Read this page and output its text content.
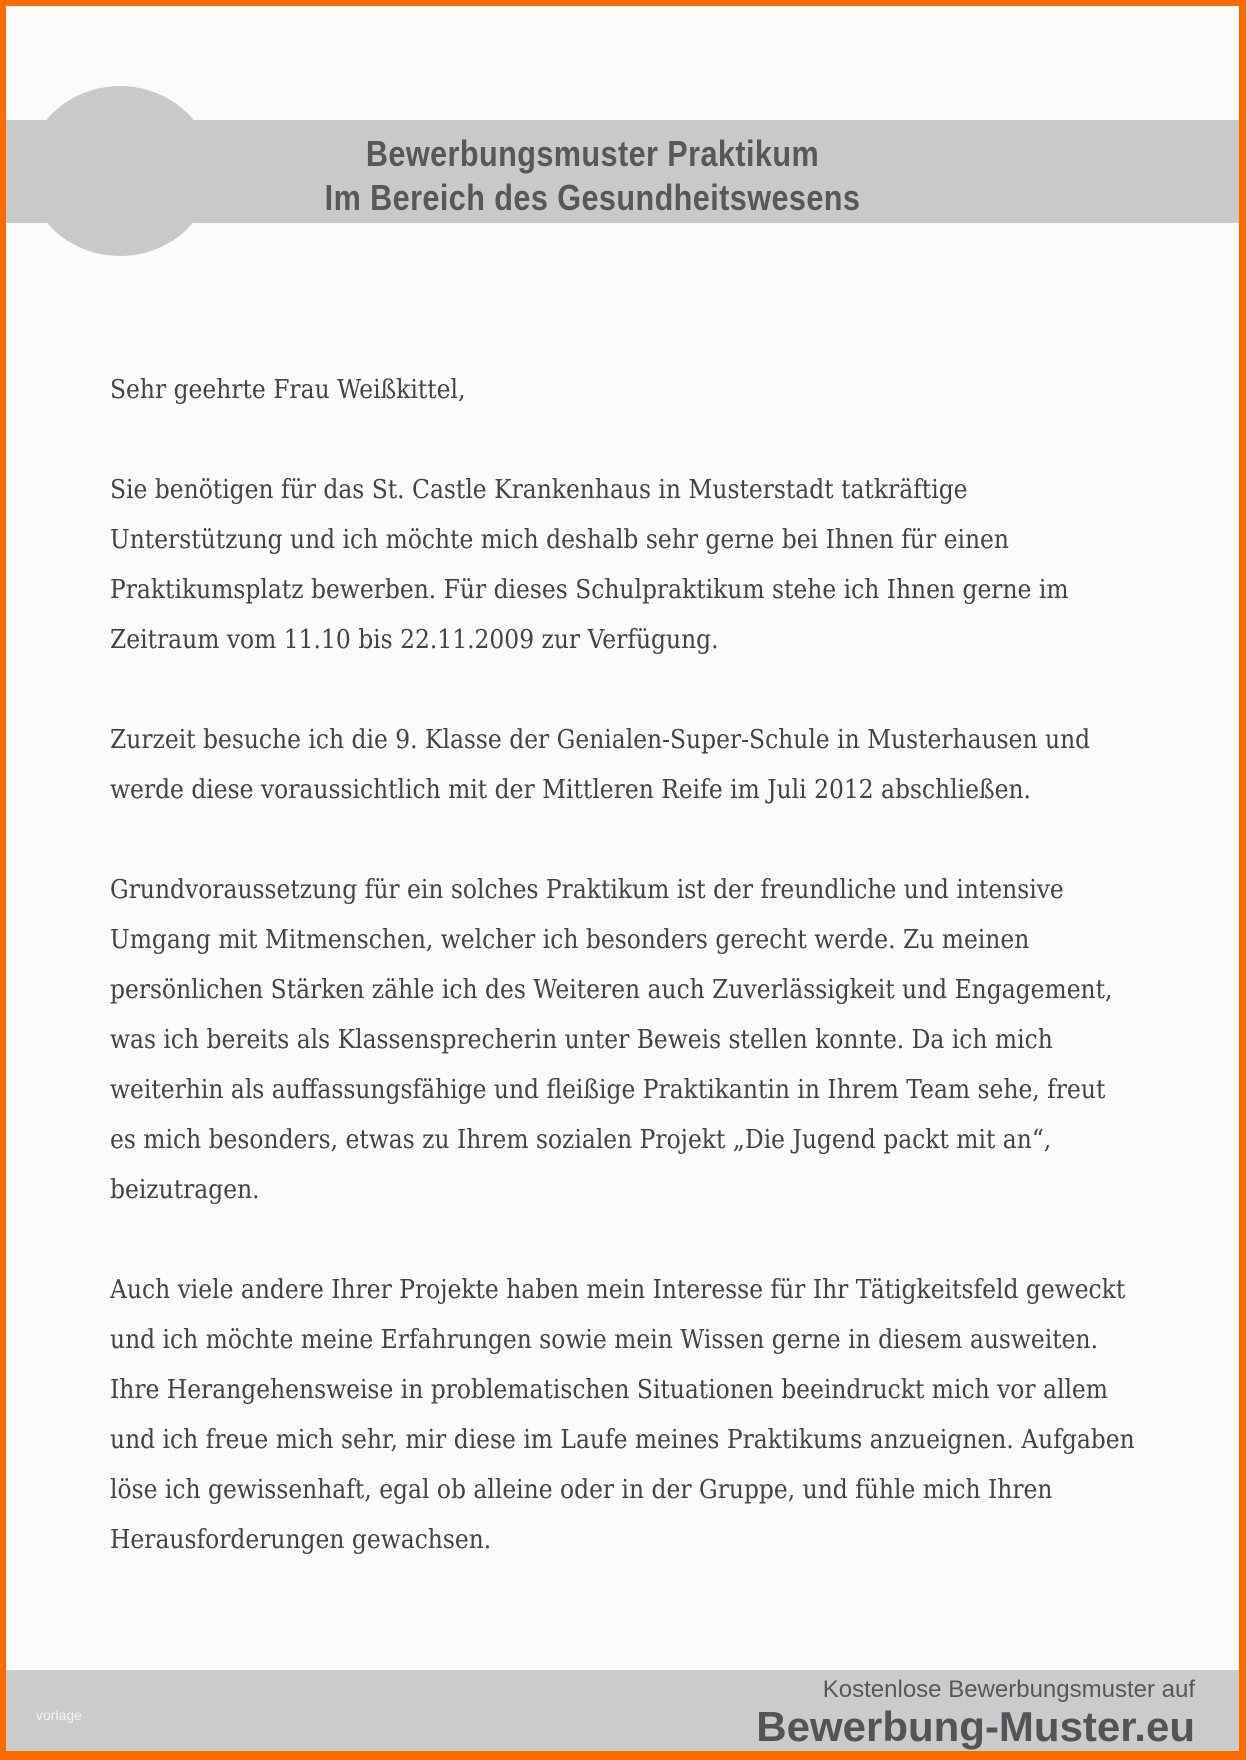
Bewerbungsmuster Praktikum
Im Bereich des Gesundheitswesens
Sehr geehrte Frau Weißkittel,
Sie benötigen für das St. Castle Krankenhaus in Musterstadt tatkräftige
Unterstützung und ich möchte mich deshalb sehr gerne bei Ihnen für einen
Praktikumsplatz bewerben. Für dieses Schulpraktikum stehe ich Ihnen gerne im
Zeitraum vom 11.10 bis 22.11.2009 zur Verfügung.
Zurzeit besuche ich die 9. Klasse der Genialen-Super-Schule in Musterhausen und
werde diese voraussichtlich mit der Mittleren Reife im Juli 2012 abschließen.
Grundvoraussetzung für ein solches Praktikum ist der freundliche und intensive
Umgang mit Mitmenschen, welcher ich besonders gerecht werde. Zu meinen
persönlichen Stärken zähle ich des Weiteren auch Zuverlässigkeit und Engagement,
was ich bereits als Klassensprecherin unter Beweis stellen konnte. Da ich mich
weiterhin als auffassungsfähige und fleißige Praktikantin in Ihrem Team sehe, freut
es mich besonders, etwas zu Ihrem sozialen Projekt „Die Jugend packt mit an“,
beizutragen.
Auch viele andere Ihrer Projekte haben mein Interesse für Ihr Tätigkeitsfeld geweckt
und ich möchte meine Erfahrungen sowie mein Wissen gerne in diesem ausweiten.
Ihre Herangehensweise in problematischen Situationen beeindruckt mich vor allem
und ich freue mich sehr, mir diese im Laufe meines Praktikums anzueignen. Aufgaben
löse ich gewissenhaft, egal ob alleine oder in der Gruppe, und fühle mich Ihren
Herausforderungen gewachsen.
Kostenlose Bewerbungsmuster auf
Bewerbung-Muster.eu
vorlage
